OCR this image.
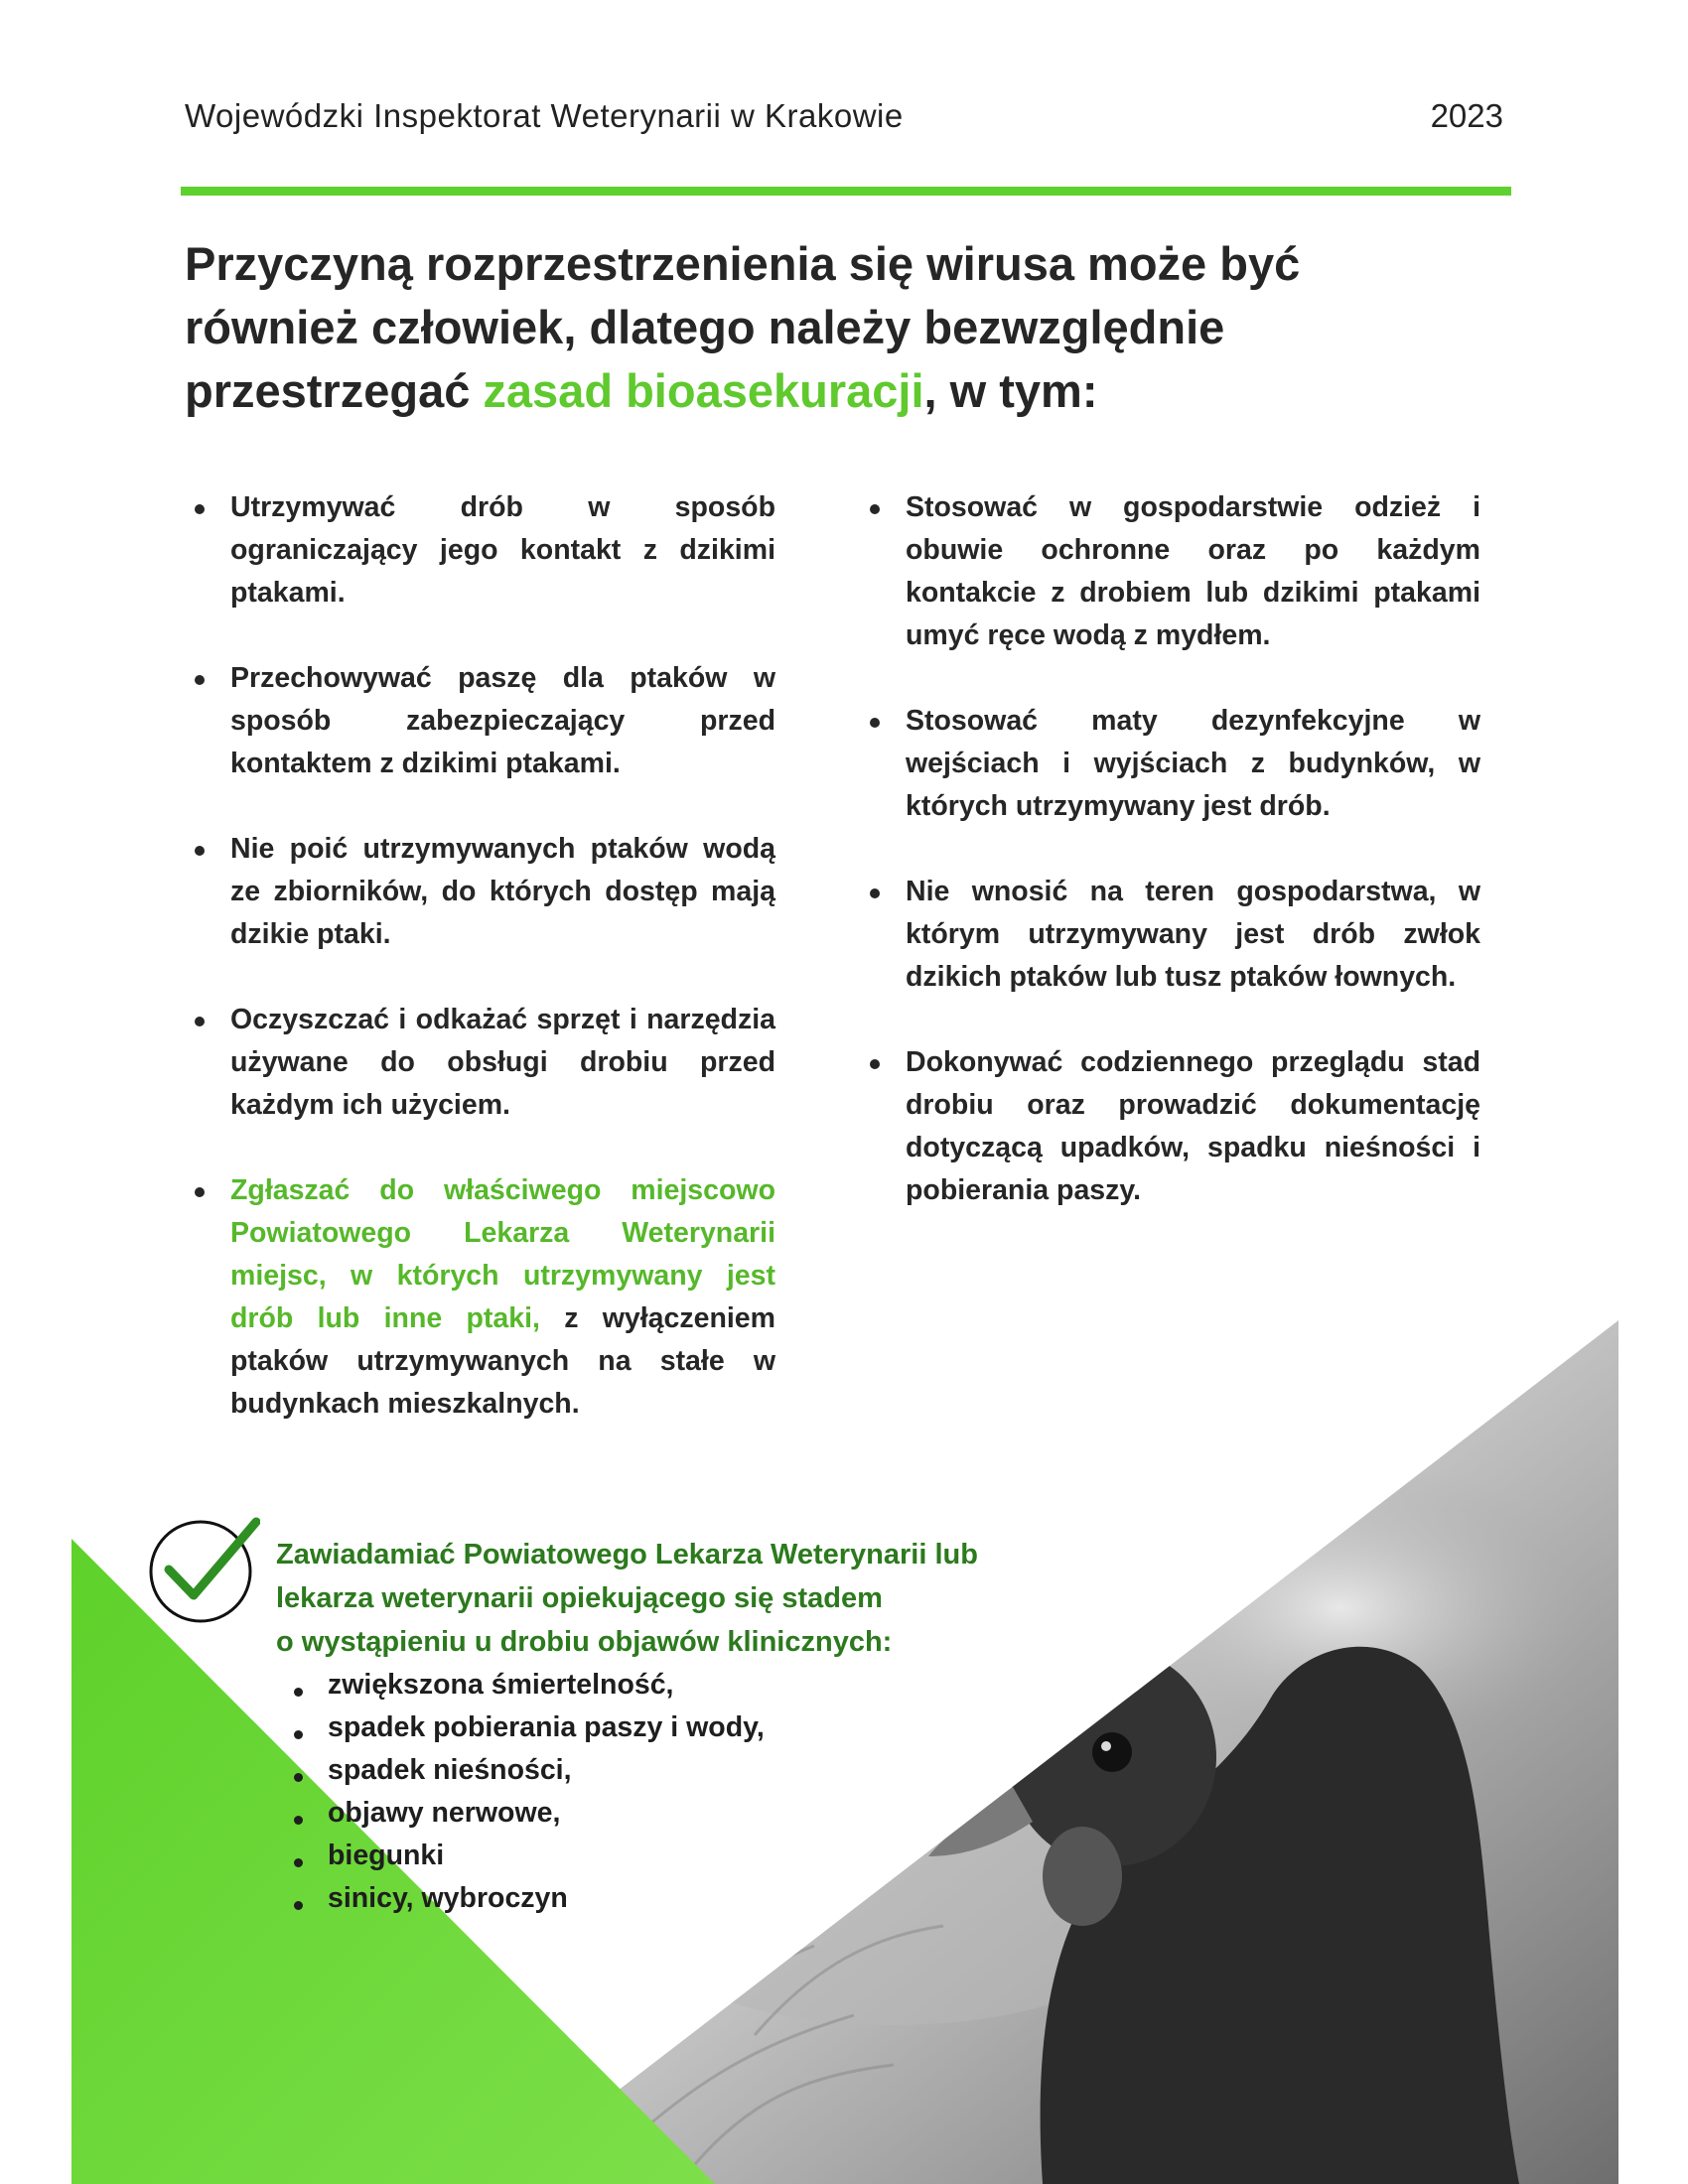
Wojewódzki Inspektorat Weterynarii w Krakowie	2023
Przyczyną rozprzestrzenienia się wirusa może być również człowiek, dlatego należy bezwzględnie przestrzegać zasad bioasekuracji, w tym:
Utrzymywać drób w sposób ograniczający jego kontakt z dzikimi ptakami.
Przechowywać paszę dla ptaków w sposób zabezpieczający przed kontaktem z dzikimi ptakami.
Nie poić utrzymywanych ptaków wodą ze zbiorników, do których dostęp mają dzikie ptaki.
Oczyszczać i odkażać sprzęt i narzędzia używane do obsługi drobiu przed każdym ich użyciem.
Zgłaszać do właściwego miejscowo Powiatowego Lekarza Weterynarii miejsc, w których utrzymywany jest drób lub inne ptaki, z wyłączeniem ptaków utrzymywanych na stałe w budynkach mieszkalnych.
Stosować w gospodarstwie odzież i obuwie ochronne oraz po każdym kontakcie z drobiem lub dzikimi ptakami umyć ręce wodą z mydłem.
Stosować maty dezynfekcyjne w wejściach i wyjściach z budynków, w których utrzymywany jest drób.
Nie wnosić na teren gospodarstwa, w którym utrzymywany jest drób zwłok dzikich ptaków lub tusz ptaków łownych.
Dokonywać codziennego przeglądu stad drobiu oraz prowadzić dokumentację dotyczącą upadków, spadku nieśności i pobierania paszy.
Zawiadamiać Powiatowego Lekarza Weterynarii lub
lekarza weterynarii opiekującego się stadem
o wystąpieniu u drobiu objawów klinicznych:
zwiększona śmiertelność,
spadek pobierania paszy i wody,
spadek nieśności,
objawy nerwowe,
biegunki
sinicy, wybroczyn
